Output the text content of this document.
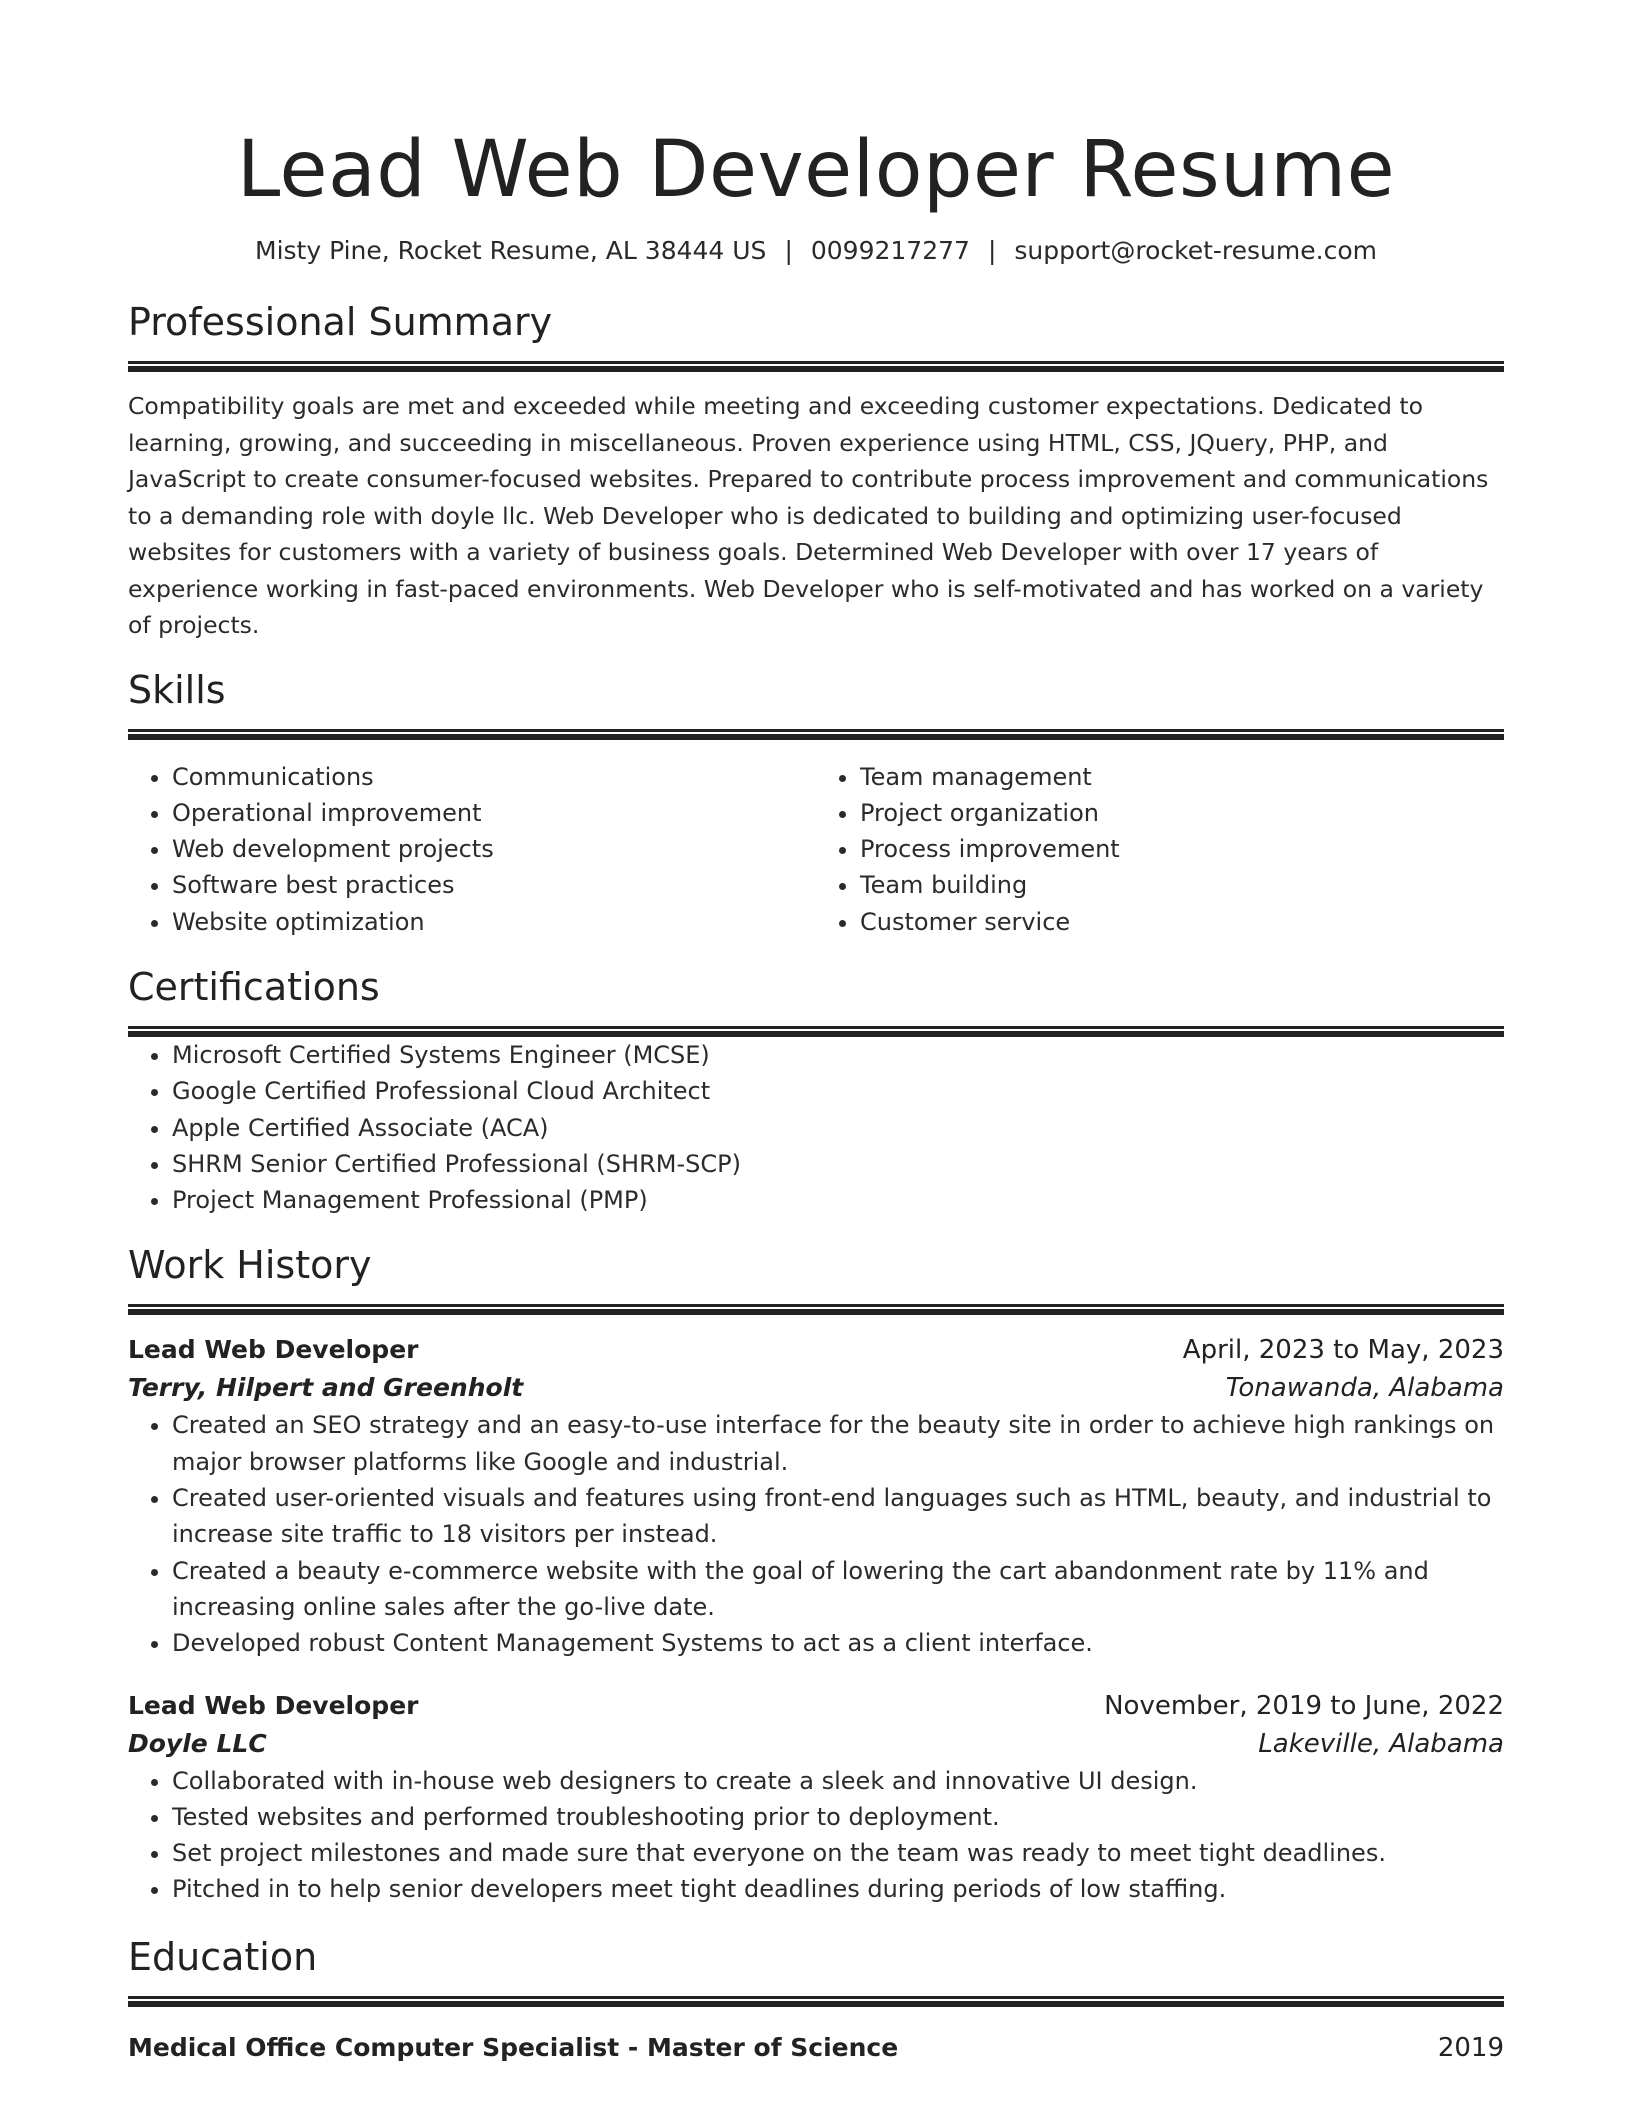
Lead Web Developer Resume
Misty Pine, Rocket Resume, AL 38444 US | 0099217277 | support@rocket-resume.com
Professional Summary

Compatibility goals are met and exceeded while meeting and exceeding customer expectations. Dedicated to learning, growing, and succeeding in miscellaneous. Proven experience using HTML, CSS, JQuery, PHP, and JavaScript to create consumer-focused websites. Prepared to contribute process improvement and communications to a demanding role with doyle llc. Web Developer who is dedicated to building and optimizing user-focused websites for customers with a variety of business goals. Determined Web Developer with over 17 years of experience working in fast-paced environments. Web Developer who is self-motivated and has worked on a variety of projects.

Skills
• Communications
• Operational improvement
• Web development projects
• Software best practices
• Website optimization
• Team management
• Project organization
• Process improvement
• Team building
• Customer service
Certifications
• Microsoft Certified Systems Engineer (MCSE)
• Google Certified Professional Cloud Architect
• Apple Certified Associate (ACA)
• SHRM Senior Certified Professional (SHRM-SCP)
• Project Management Professional (PMP)
Work History
Lead Web Developer	April, 2023 to May, 2023
Terry, Hilpert and Greenholt	Tonawanda, Alabama
• Created an SEO strategy and an easy-to-use interface for the beauty site in order to achieve high rankings on major browser platforms like Google and industrial.
• Created user-oriented visuals and features using front-end languages such as HTML, beauty, and industrial to increase site traffic to 18 visitors per instead.
• Created a beauty e-commerce website with the goal of lowering the cart abandonment rate by 11% and increasing online sales after the go-live date.
• Developed robust Content Management Systems to act as a client interface.
Lead Web Developer	November, 2019 to June, 2022
Doyle LLC	Lakeville, Alabama
• Collaborated with in-house web designers to create a sleek and innovative UI design.
• Tested websites and performed troubleshooting prior to deployment.
• Set project milestones and made sure that everyone on the team was ready to meet tight deadlines.
• Pitched in to help senior developers meet tight deadlines during periods of low staffing.
Education
Medical Office Computer Specialist - Master of Science	2019
